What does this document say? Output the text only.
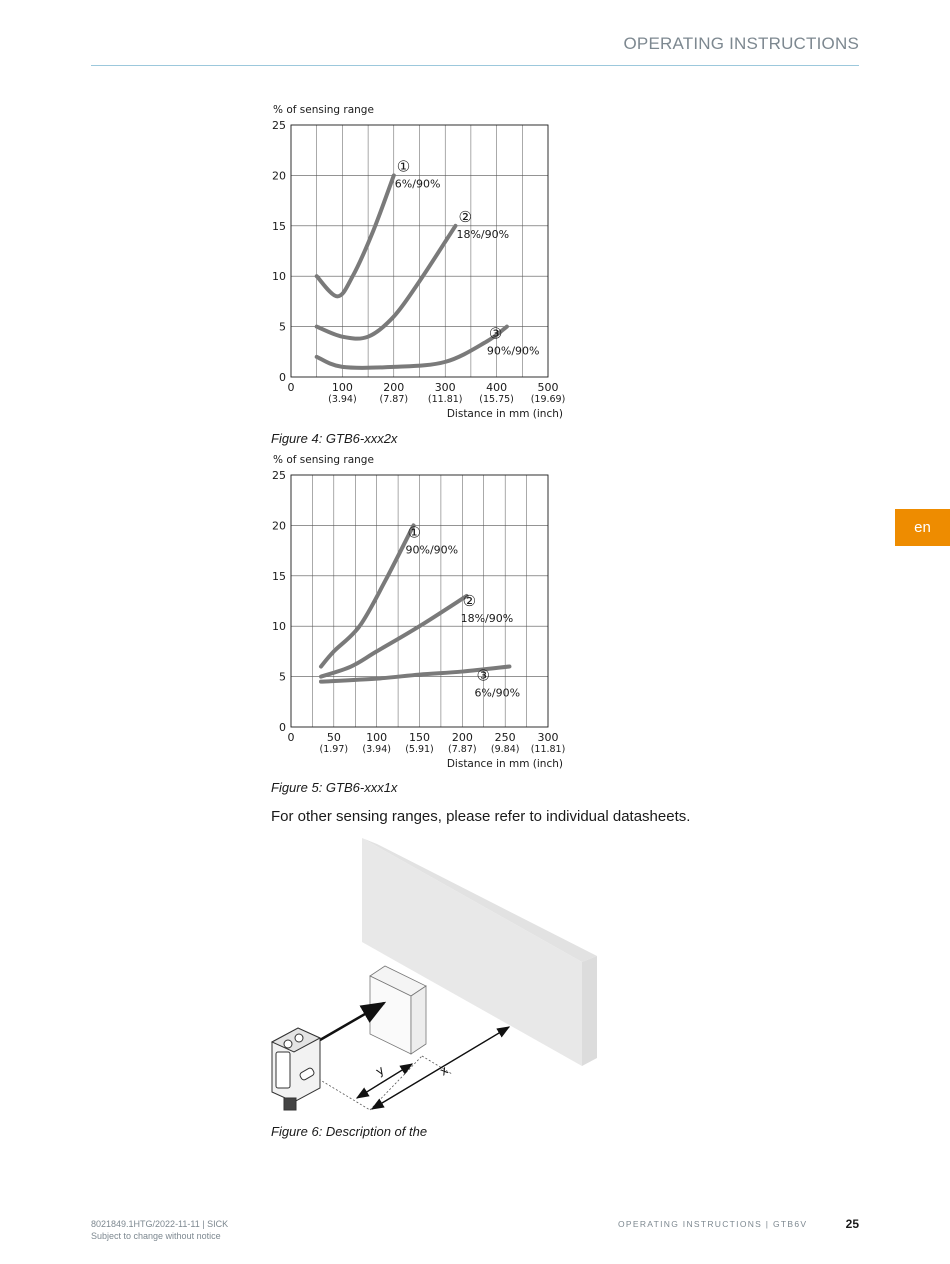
OPERATING INSTRUCTIONS
en
% of sensing range
0
5
10
15
20
25
0	100
(3.94)
200
(7.87)
300
(11.81)
400
(15.75)
500
(19.69)
Distance in mm (inch)
①
6%/90%
②
18%/90%
③
90%/90%
Figure 4: GTB6-xxx2x
% of sensing range
0
5
10
15
20
25
0	50
(1.97)
100
(3.94)
150
(5.91)
200
(7.87)
250
(9.84)
300
(11.81)
Distance in mm (inch)
①
90%/90%
②
18%/90%
③
6%/90%
Figure 5: GTB6-xxx1x
For other sensing ranges, please refer to individual datasheets.
y	x
Figure 6: Description of the
8021849.1HTG/2022-11-11 | SICK
Subject to change without notice
OPERATING INSTRUCTIONS | GTB6V	25
